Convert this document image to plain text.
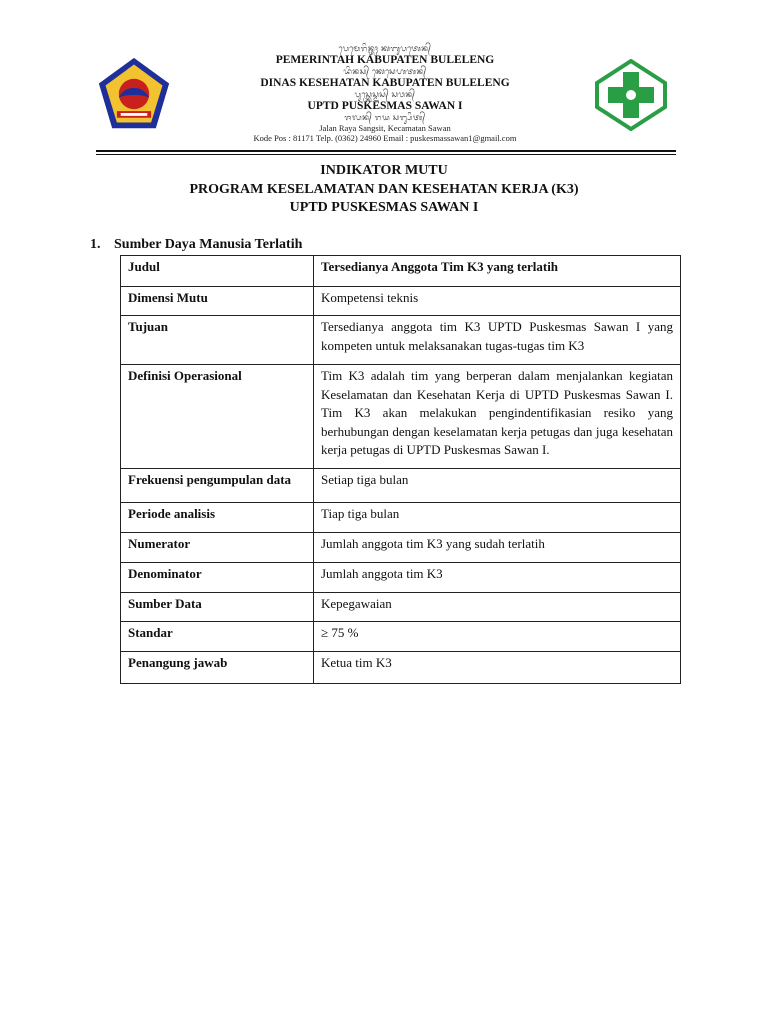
ᬧᬾᬫᬾᬭᬶᬦ᭄ᬢᬄ ᬓᬩᬸᬧᬢᬾᬦ᭄
PEMERINTAH KABUPATEN BULELENG
ᬤᬶᬦᬲ᭄ ᬓᬾᬲᬾᬳᬢᬦ᭄
DINAS KESEHATAN KABUPATEN BULELENG
ᬧᬸᬲ᭄ᬓᬾᬲ᭄ᬫᬲ᭄ ᬲᬯᬦ᭄
UPTD PUSKESMAS SAWAN I
ᬚᬮᬦ᭄ ᬭᬬ ᬲᬗ᭄ᬲᬶᬢ᭄
Jalan Raya Sangsit, Kecamatan Sawan
Kode Pos : 81171 Telp. (0362) 24960 Email : puskesmassawan1@gmail.com
INDIKATOR MUTU
PROGRAM KESELAMATAN DAN KESEHATAN KERJA (K3)
UPTD PUSKESMAS SAWAN I
1. Sumber Daya Manusia Terlatih
Judul	Tersedianya Anggota Tim K3 yang terlatih
Dimensi Mutu	Kompetensi teknis
Tujuan	Tersedianya anggota tim K3 UPTD Puskesmas Sawan I yang kompeten untuk melaksanakan tugas-tugas tim K3
Definisi Operasional	Tim K3 adalah tim yang berperan dalam menjalankan kegiatan Keselamatan dan Kesehatan Kerja di UPTD Puskesmas Sawan I. Tim K3 akan melakukan pengindentifikasian resiko yang berhubungan dengan keselamatan kerja petugas dan juga kesehatan kerja petugas di UPTD Puskesmas Sawan I.
Frekuensi pengumpulan data	Setiap tiga bulan
Periode analisis	Tiap tiga bulan
Numerator	Jumlah anggota tim K3 yang sudah terlatih
Denominator	Jumlah anggota tim K3
Sumber Data	Kepegawaian
Standar	≥ 75 %
Penangung jawab	Ketua tim K3
